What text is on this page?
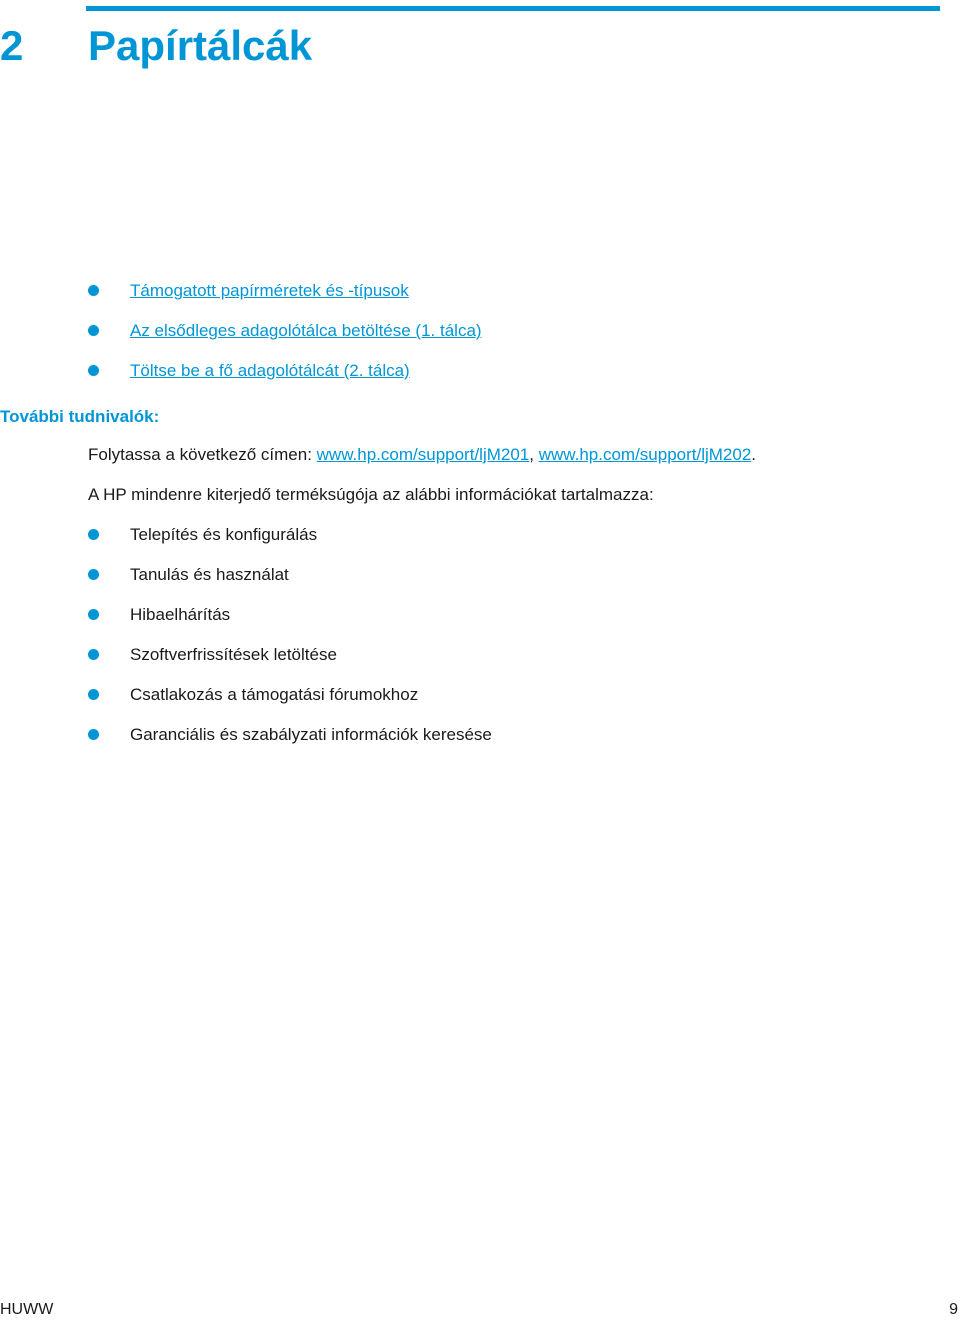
2 Papírtálcák
Támogatott papírméretek és -típusok
Az elsődleges adagolótálca betöltése (1. tálca)
Töltse be a fő adagolótálcát (2. tálca)
További tudnivalók:
Folytassa a következő címen: www.hp.com/support/ljM201, www.hp.com/support/ljM202.
A HP mindenre kiterjedő terméksúgója az alábbi információkat tartalmazza:
Telepítés és konfigurálás
Tanulás és használat
Hibaelhárítás
Szoftverfrissítések letöltése
Csatlakozás a támogatási fórumokhoz
Garanciális és szabályzati információk keresése
HUWW	9
